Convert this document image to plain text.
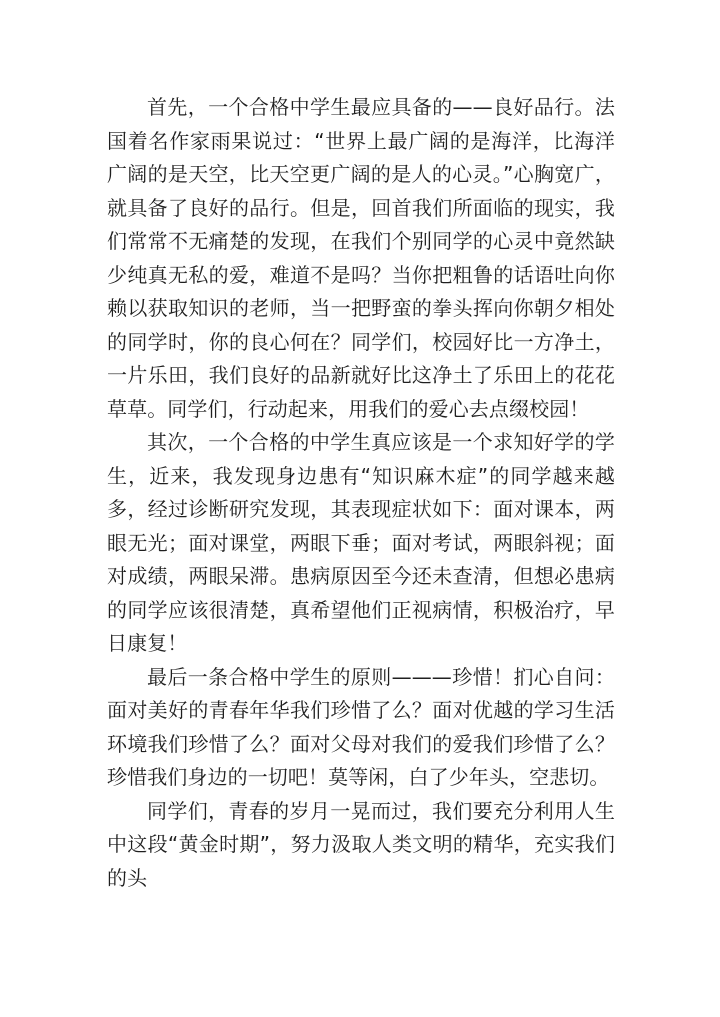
首先，一个合格中学生最应具备的——良好品行。法国着名作家雨果说过：“世界上最广阔的是海洋，比海洋广阔的是天空，比天空更广阔的是人的心灵。”心胸宽广，就具备了良好的品行。但是，回首我们所面临的现实，我们常常不无痛楚的发现，在我们个别同学的心灵中竟然缺少纯真无私的爱，难道不是吗？当你把粗鲁的话语吐向你赖以获取知识的老师，当一把野蛮的拳头挥向你朝夕相处的同学时，你的良心何在？同学们，校园好比一方净土，一片乐田，我们良好的品新就好比这净土了乐田上的花花草草。同学们，行动起来，用我们的爱心去点缀校园！

其次，一个合格的中学生真应该是一个求知好学的学生，近来，我发现身边患有“知识麻木症”的同学越来越多，经过诊断研究发现，其表现症状如下：面对课本，两眼无光；面对课堂，两眼下垂；面对考试，两眼斜视；面对成绩，两眼呆滞。患病原因至今还未查清，但想必患病的同学应该很清楚，真希望他们正视病情，积极治疗，早日康复！

最后一条合格中学生的原则———珍惜！扪心自问：面对美好的青春年华我们珍惜了么？面对优越的学习生活环境我们珍惜了么？面对父母对我们的爱我们珍惜了么？珍惜我们身边的一切吧！莫等闲，白了少年头，空悲切。

同学们，青春的岁月一晃而过，我们要充分利用人生中这段“黄金时期”，努力汲取人类文明的精华，充实我们的头
